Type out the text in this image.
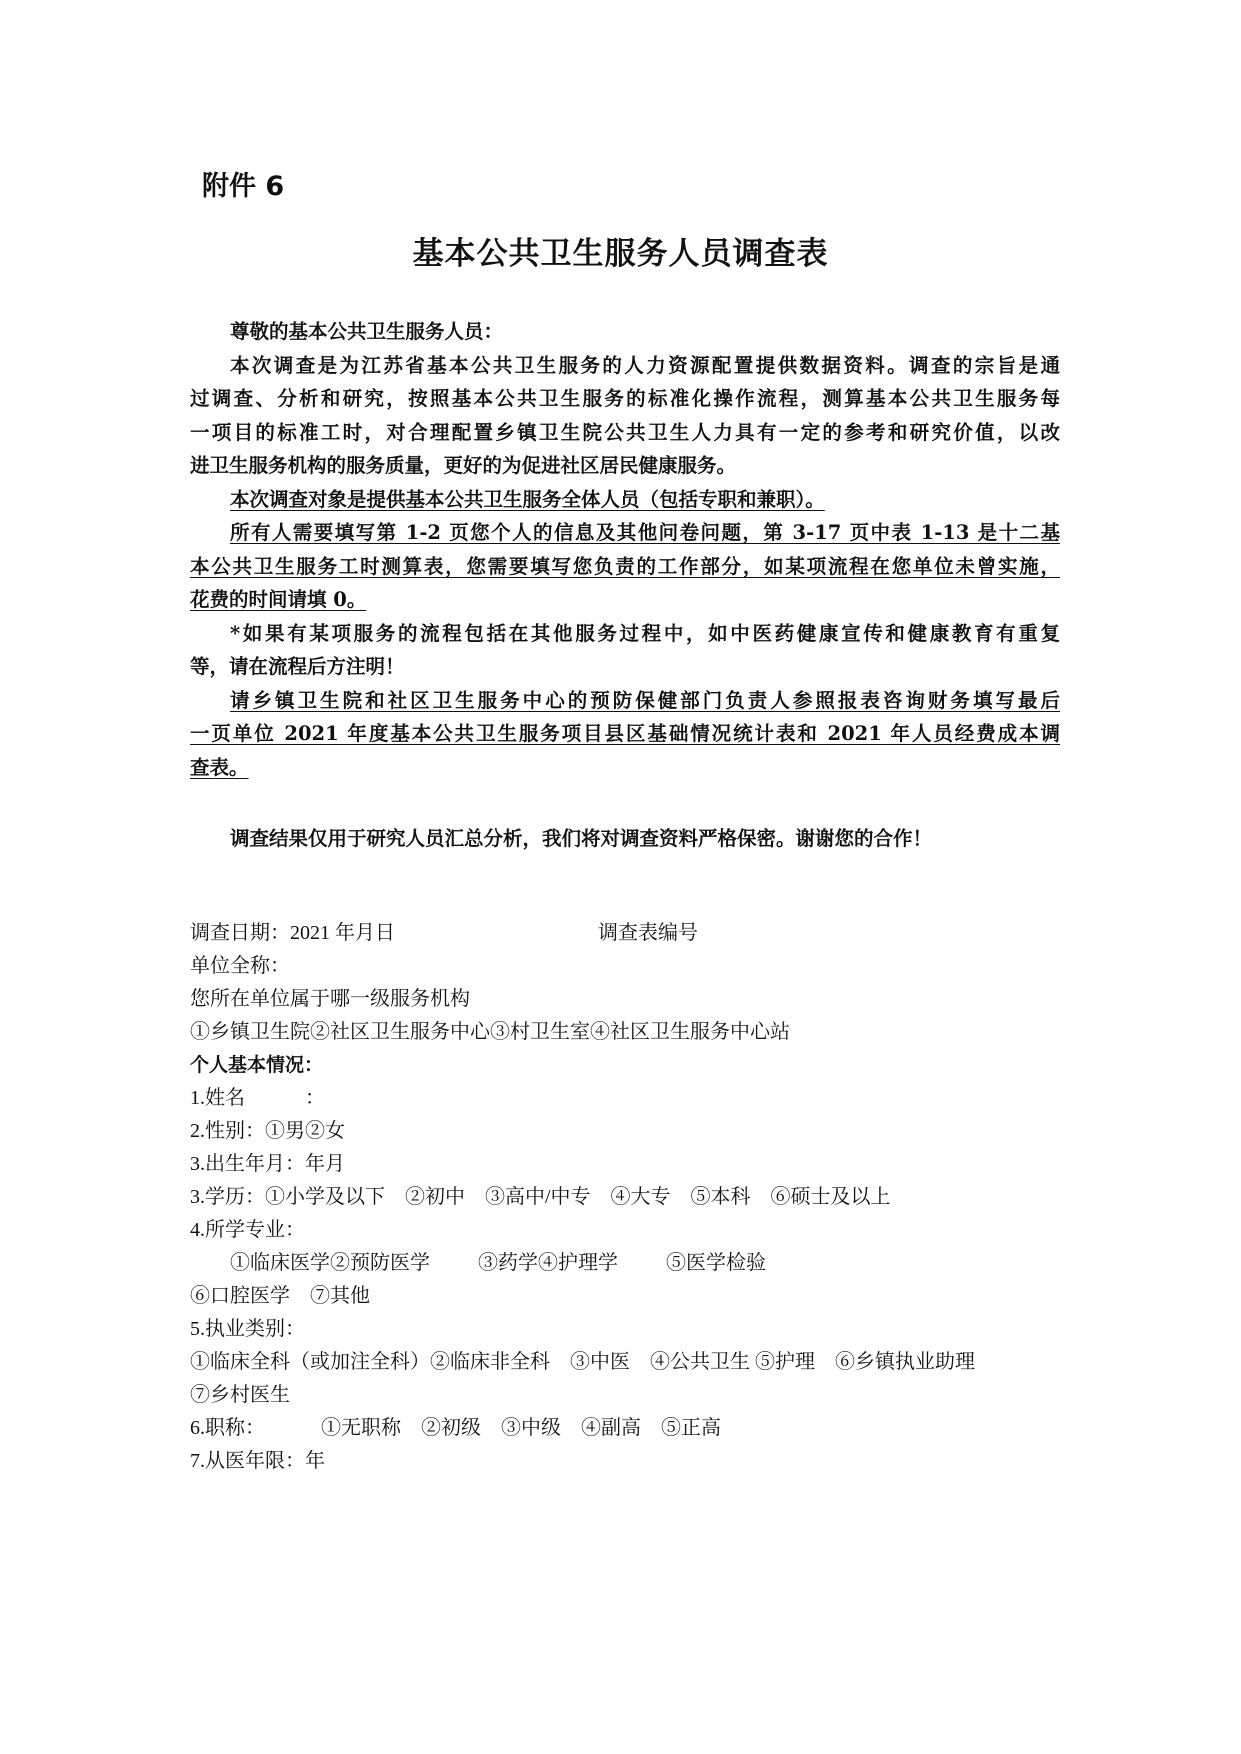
附件 6
基本公共卫生服务人员调查表
尊敬的基本公共卫生服务人员：
本次调查是为江苏省基本公共卫生服务的人力资源配置提供数据资料。调查的宗旨是通
过调查、分析和研究，按照基本公共卫生服务的标准化操作流程，测算基本公共卫生服务每
一项目的标准工时，对合理配置乡镇卫生院公共卫生人力具有一定的参考和研究价值，以改
进卫生服务机构的服务质量，更好的为促进社区居民健康服务。
本次调查对象是提供基本公共卫生服务全体人员（包括专职和兼职）。
所有人需要填写第 1-2 页您个人的信息及其他问卷问题，第 3-17 页中表 1-13 是十二基
本公共卫生服务工时测算表，您需要填写您负责的工作部分，如某项流程在您单位未曾实施，
花费的时间请填 0。
*如果有某项服务的流程包括在其他服务过程中，如中医药健康宣传和健康教育有重复
等，请在流程后方注明！
请乡镇卫生院和社区卫生服务中心的预防保健部门负责人参照报表咨询财务填写最后
一页单位 2021 年度基本公共卫生服务项目县区基础情况统计表和 2021 年人员经费成本调
查表。
调查结果仅用于研究人员汇总分析，我们将对调查资料严格保密。谢谢您的合作！
调查日期：2021 年月日	调查表编号
单位全称：
您所在单位属于哪一级服务机构
①乡镇卫生院②社区卫生服务中心③村卫生室④社区卫生服务中心站
个人基本情况：
1.姓名	：
2.性别：①男②女
3.出生年月：年月
3.学历：①小学及以下　②初中　③高中/中专　④大专　⑤本科　⑥硕士及以上
4.所学专业：
①临床医学②预防医学 ③药学④护理学 ⑤医学检验
⑥口腔医学　⑦其他
5.执业类别：
①临床全科（或加注全科）②临床非全科　③中医　④公共卫生 ⑤护理　⑥乡镇执业助理
⑦乡村医生
6.职称：	①无职称　②初级　③中级　④副高　⑤正高
7.从医年限：年
